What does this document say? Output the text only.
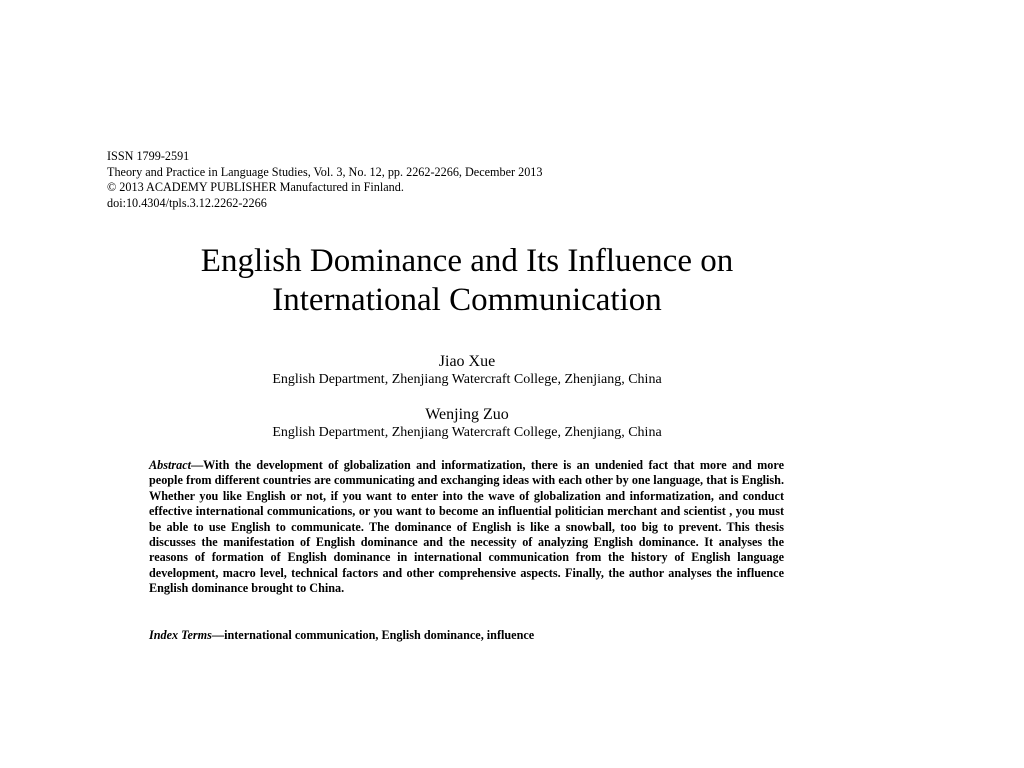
ISSN 1799-2591
Theory and Practice in Language Studies, Vol. 3, No. 12, pp. 2262-2266, December 2013
© 2013 ACADEMY PUBLISHER Manufactured in Finland.
doi:10.4304/tpls.3.12.2262-2266
English Dominance and Its Influence on
International Communication
Jiao Xue
English Department, Zhenjiang Watercraft College, Zhenjiang, China
Wenjing Zuo
English Department, Zhenjiang Watercraft College, Zhenjiang, China
Abstract—With the development of globalization and informatization, there is an undenied fact that more and more people from different countries are communicating and exchanging ideas with each other by one language, that is English. Whether you like English or not, if you want to enter into the wave of globalization and informatization, and conduct effective international communications, or you want to become an influential politician merchant and scientist , you must be able to use English to communicate. The dominance of English is like a snowball, too big to prevent. This thesis discusses the manifestation of English dominance and the necessity of analyzing English dominance. It analyses the reasons of formation of English dominance in international communication from the history of English language development, macro level, technical factors and other comprehensive aspects. Finally, the author analyses the influence English dominance brought to China.
Index Terms—international communication, English dominance, influence
